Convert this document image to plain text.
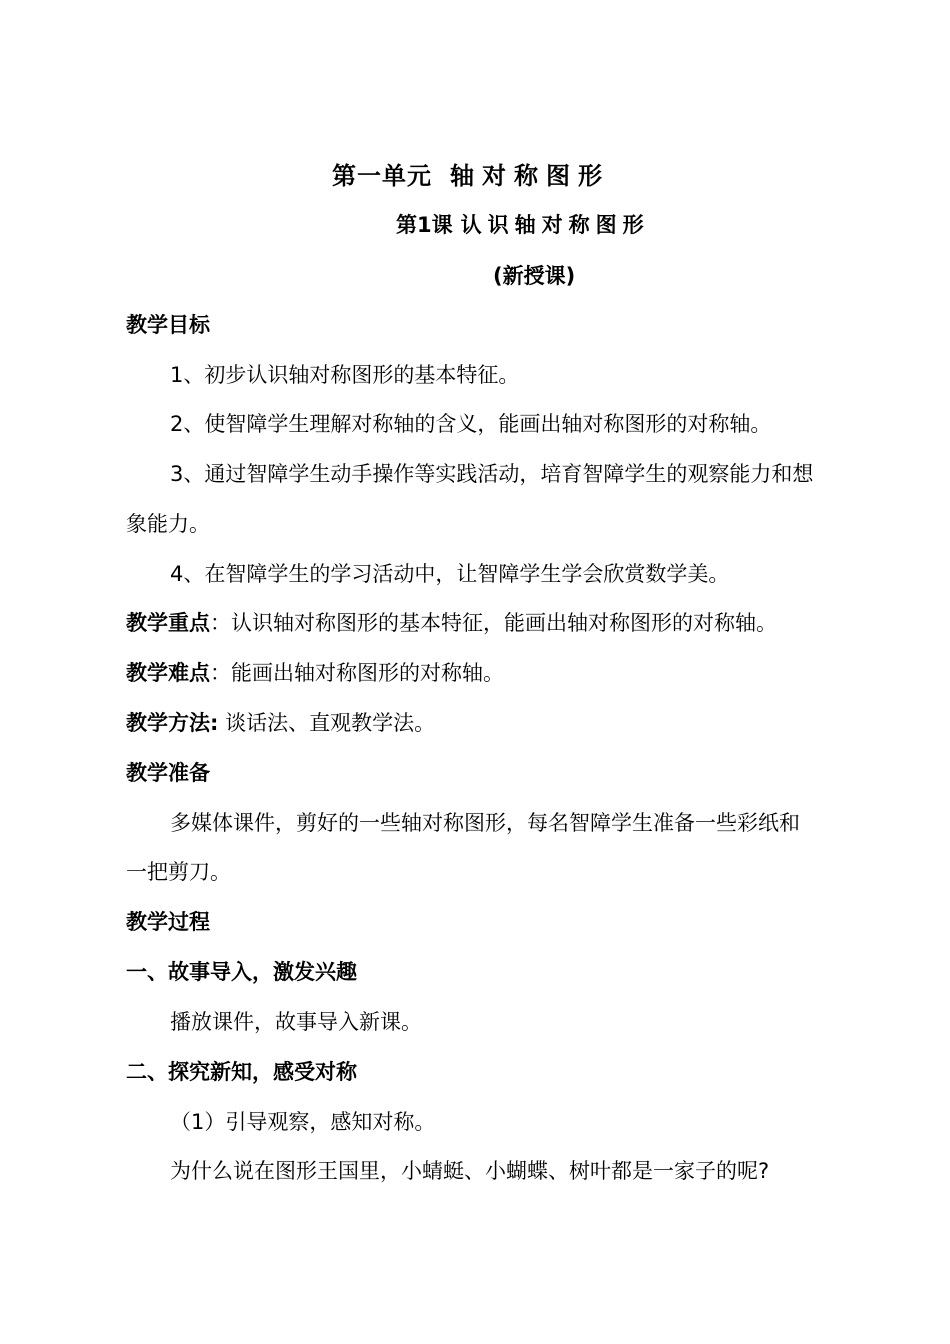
第一单元 轴对称图形
第1课 认识轴对称图形
(新授课)
教学目标
1、初步认识轴对称图形的基本特征。
2、使智障学生理解对称轴的含义，能画出轴对称图形的对称轴。
3、通过智障学生动手操作等实践活动，培育智障学生的观察能力和想
象能力。
4、在智障学生的学习活动中，让智障学生学会欣赏数学美。
教学重点：认识轴对称图形的基本特征，能画出轴对称图形的对称轴。
教学难点：能画出轴对称图形的对称轴。
教学方法: 谈话法、直观教学法。
教学准备
多媒体课件，剪好的一些轴对称图形，每名智障学生准备一些彩纸和
一把剪刀。
教学过程
一、故事导入，激发兴趣
播放课件，故事导入新课。
二、探究新知，感受对称
（1）引导观察，感知对称。
为什么说在图形王国里，小蜻蜓、小蝴蝶、树叶都是一家子的呢?
